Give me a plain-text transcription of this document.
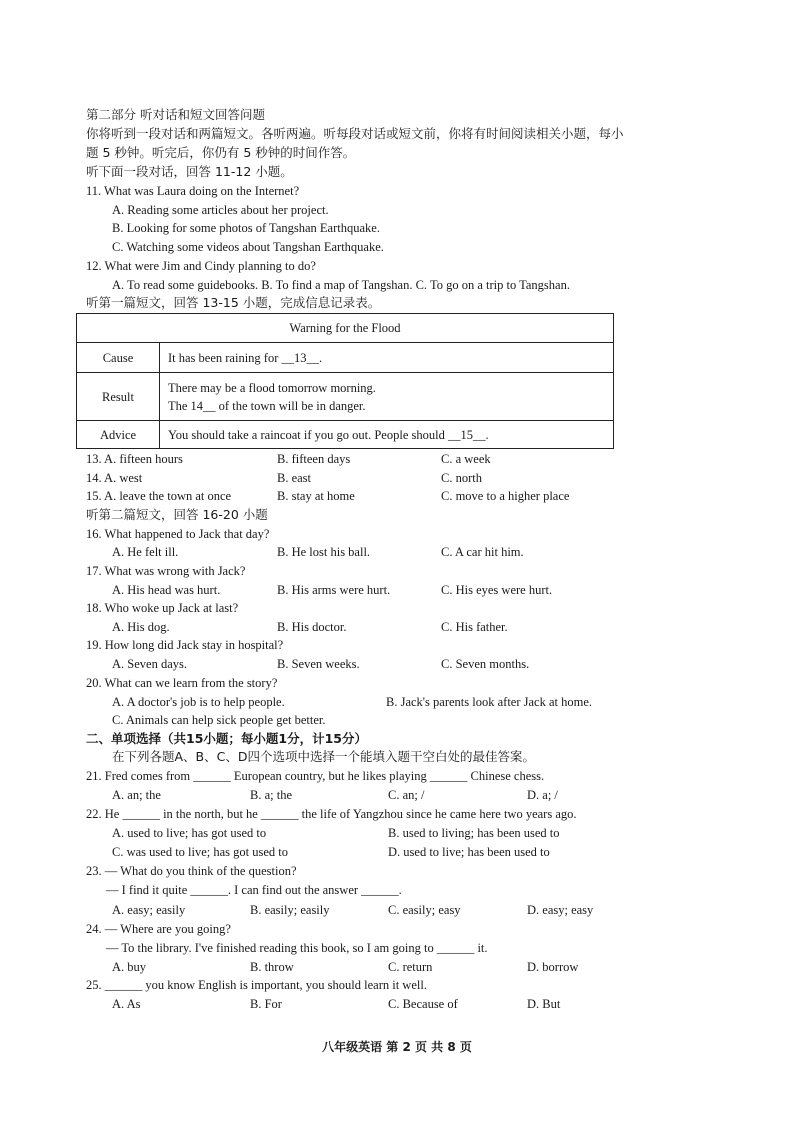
第二部分 听对话和短文回答问题
你将听到一段对话和两篇短文。各听两遍。听每段对话或短文前，你将有时间阅读相关小题，每小
题 5 秒钟。听完后，你仍有 5 秒钟的时间作答。
听下面一段对话，回答 11-12 小题。
11. What was Laura doing on the Internet?
A. Reading some articles about her project.
B. Looking for some photos of Tangshan Earthquake.
C. Watching some videos about Tangshan Earthquake.
12. What were Jim and Cindy planning to do?
A. To read some guidebooks. B. To find a map of Tangshan. C. To go on a trip to Tangshan.
听第一篇短文，回答 13-15 小题，完成信息记录表。
Warning for the Flood	
Cause	It has been raining for __13__.
Result	There may be a flood tomorrow morning.
The 14__ of the town will be in danger.

Advice	You should take a raincoat if you go out. People should __15__.
13. A. fifteen hours	B. fifteen days	C. a week
14. A. west	B. east	C. north
15. A. leave the town at once	B. stay at home	C. move to a higher place
听第二篇短文，回答 16-20 小题
16. What happened to Jack that day?
A. He felt ill.	B. He lost his ball.	C. A car hit him.
17. What was wrong with Jack?
A. His head was hurt.	B. His arms were hurt.	C. His eyes were hurt.
18. Who woke up Jack at last?
A. His dog.	B. His doctor.	C. His father.
19. How long did Jack stay in hospital?
A. Seven days.	B. Seven weeks.	C. Seven months.
20. What can we learn from the story?
A. A doctor's job is to help people.	B. Jack's parents look after Jack at home.
C. Animals can help sick people get better.
二、单项选择（共15小题；每小题1分，计15分）
在下列各题A、B、C、D四个选项中选择一个能填入题干空白处的最佳答案。
21. Fred comes from ______ European country, but he likes playing ______ Chinese chess.
A. an; the	B. a; the	C. an; /	D. a; /
22. He ______ in the north, but he ______ the life of Yangzhou since he came here two years ago.
A. used to live; has got used to	B. used to living; has been used to
C. was used to live; has got used to	D. used to live; has been used to
23. — What do you think of the question?
— I find it quite ______. I can find out the answer ______.
A. easy; easily	B. easily; easily	C. easily; easy	D. easy; easy
24. — Where are you going?
— To the library. I've finished reading this book, so I am going to ______ it.
A. buy	B. throw	C. return	D. borrow
25. ______ you know English is important, you should learn it well.
A. As	B. For	C. Because of	D. But
八年级英语 第 2 页 共 8 页
